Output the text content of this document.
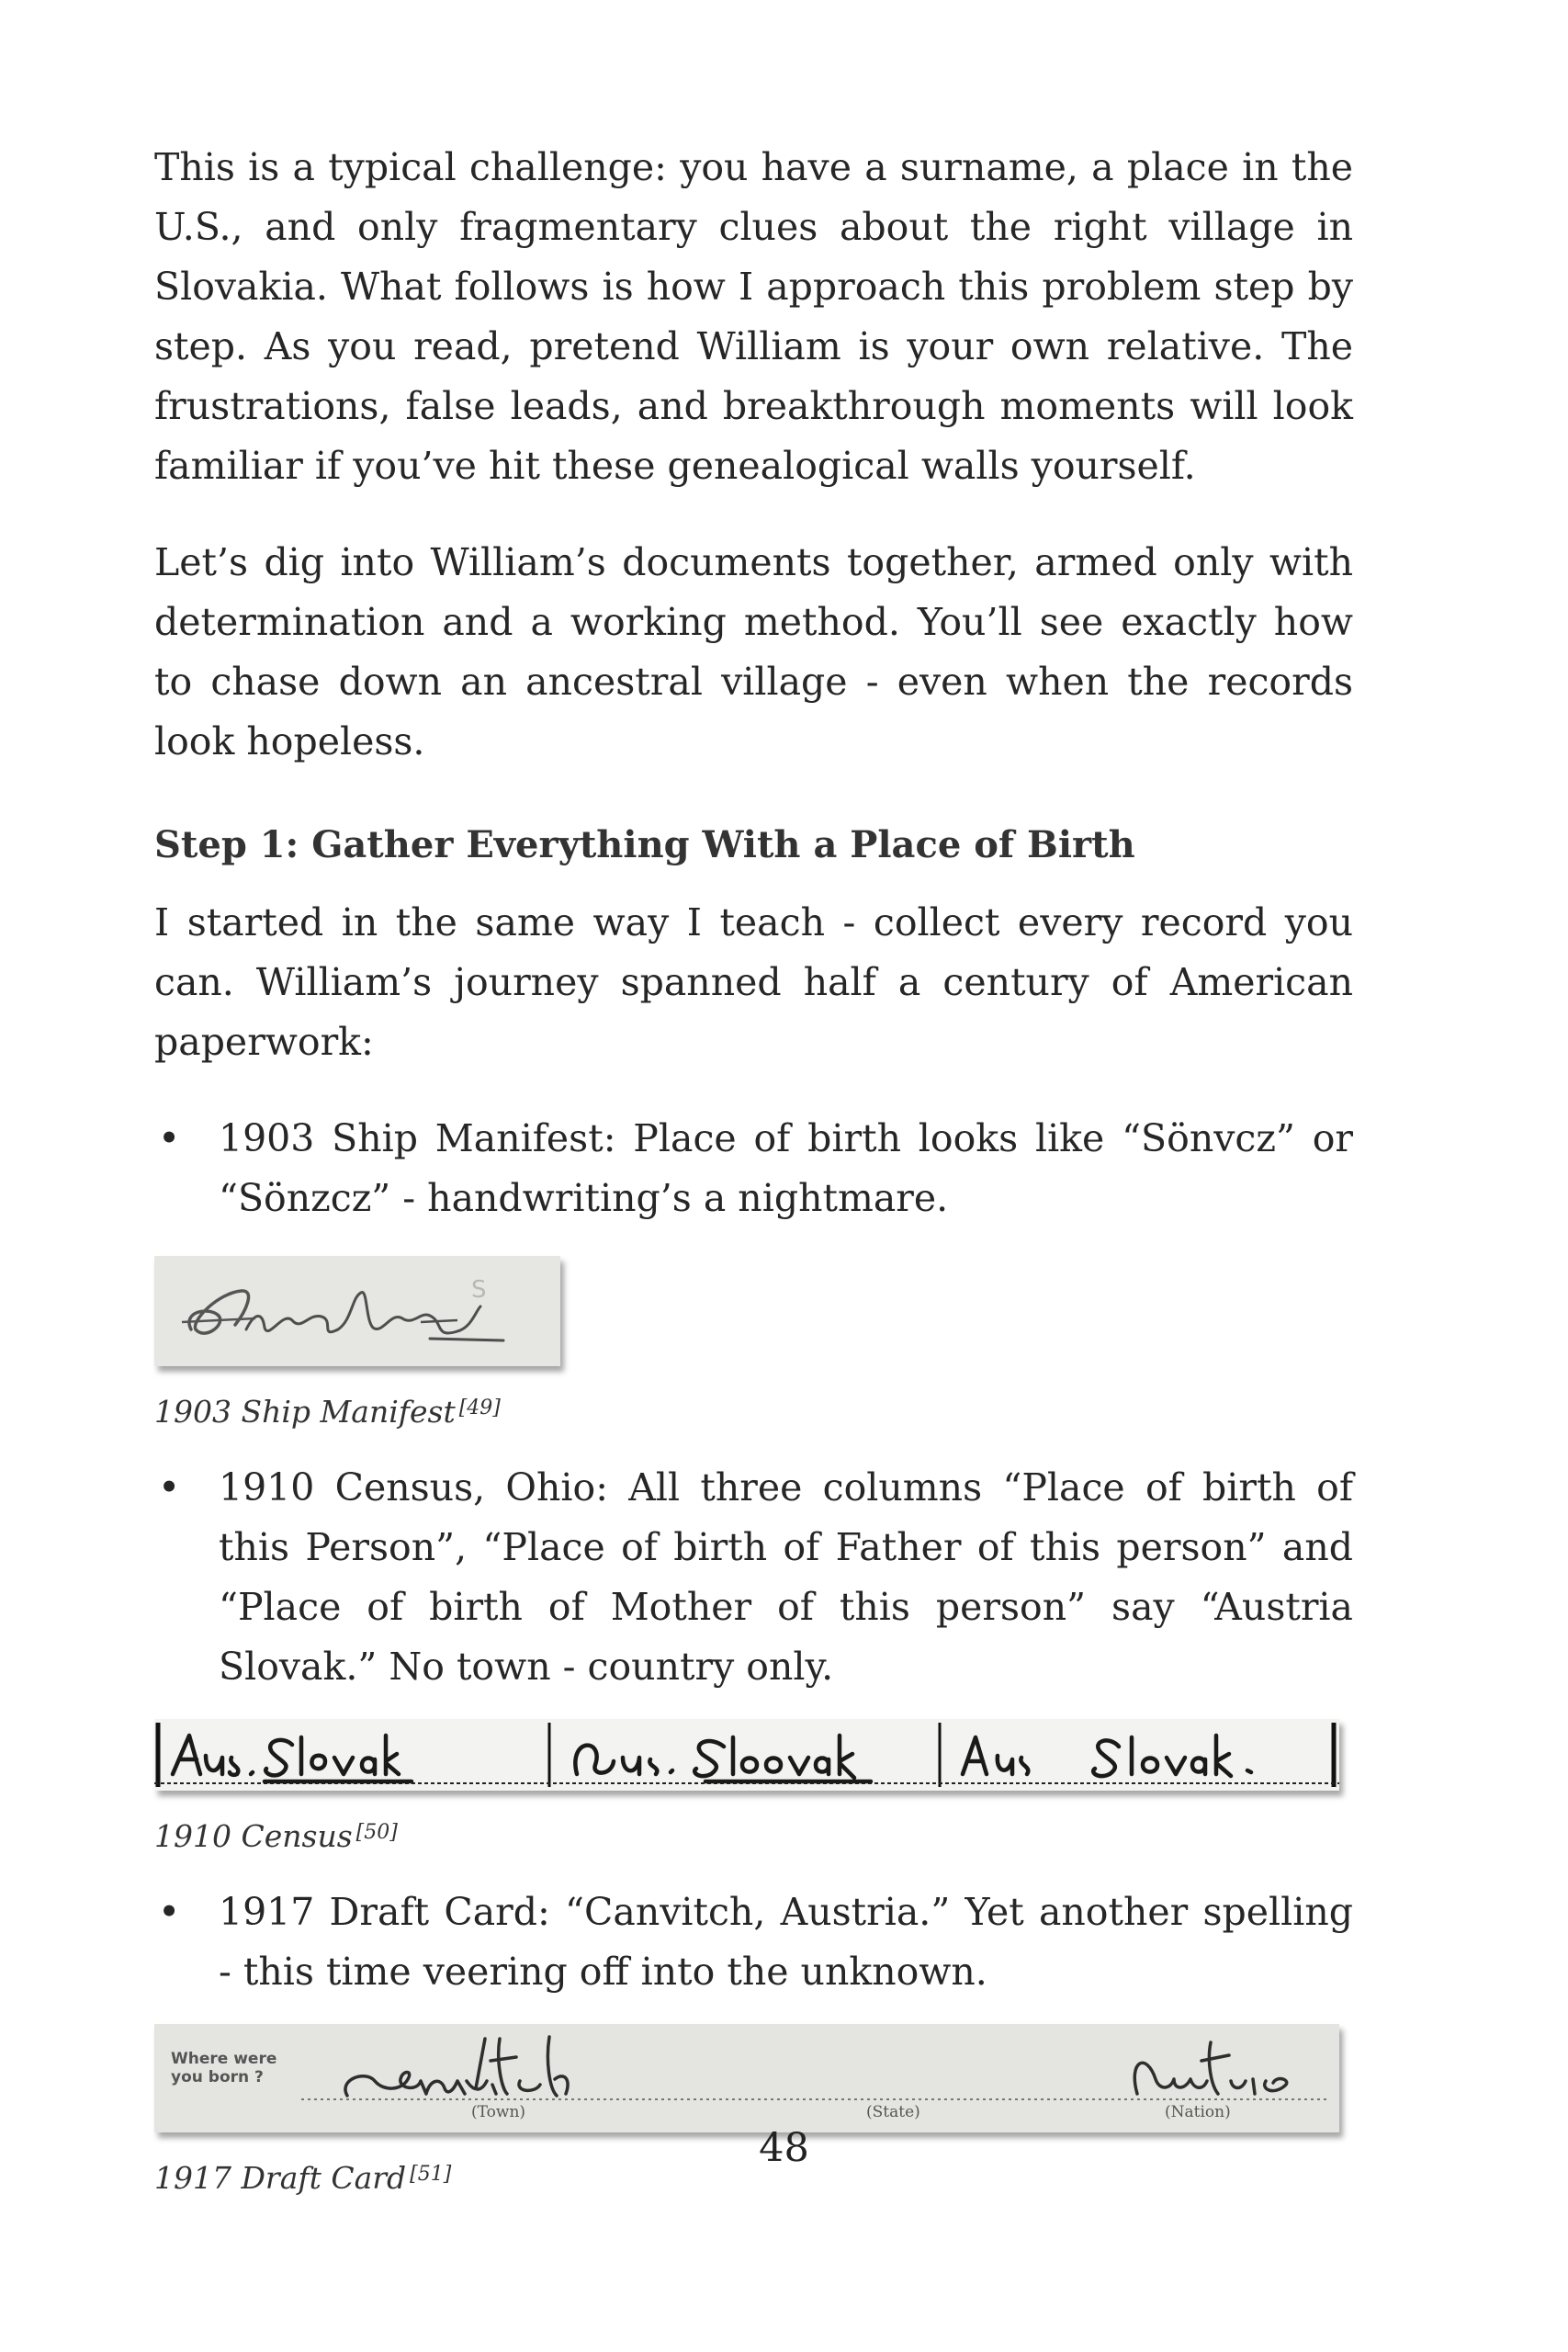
This is a typical challenge: you have a surname, a place in the U.S., and only fragmentary clues about the right village in Slovakia. What follows is how I approach this problem step by step. As you read, pretend William is your own relative. The frustrations, false leads, and breakthrough moments will look familiar if you’ve hit these genealogical walls yourself.

Let’s dig into William’s documents together, armed only with determination and a working method. You’ll see exactly how to chase down an ancestral village - even when the records look hopeless.

Step 1: Gather Everything With a Place of Birth

I started in the same way I teach - collect every record you can. William’s journey spanned half a century of American paperwork:

• 1903 Ship Manifest: Place of birth looks like “Sönvcz” or “Sönzcz” - handwriting’s a nightmare.
S
1903 Ship Manifest [49]
• 1910 Census, Ohio: All three columns “Place of birth of this Person”, “Place of birth of Father of this person” and “Place of birth of Mother of this person” say “Austria Slovak.” No town - country only.
1910 Census [50]
• 1917 Draft Card: “Canvitch, Austria.” Yet another spelling - this time veering off into the unknown.
Where were
you born ?
(Town)	(State)	(Nation)
1917 Draft Card [51]
48
